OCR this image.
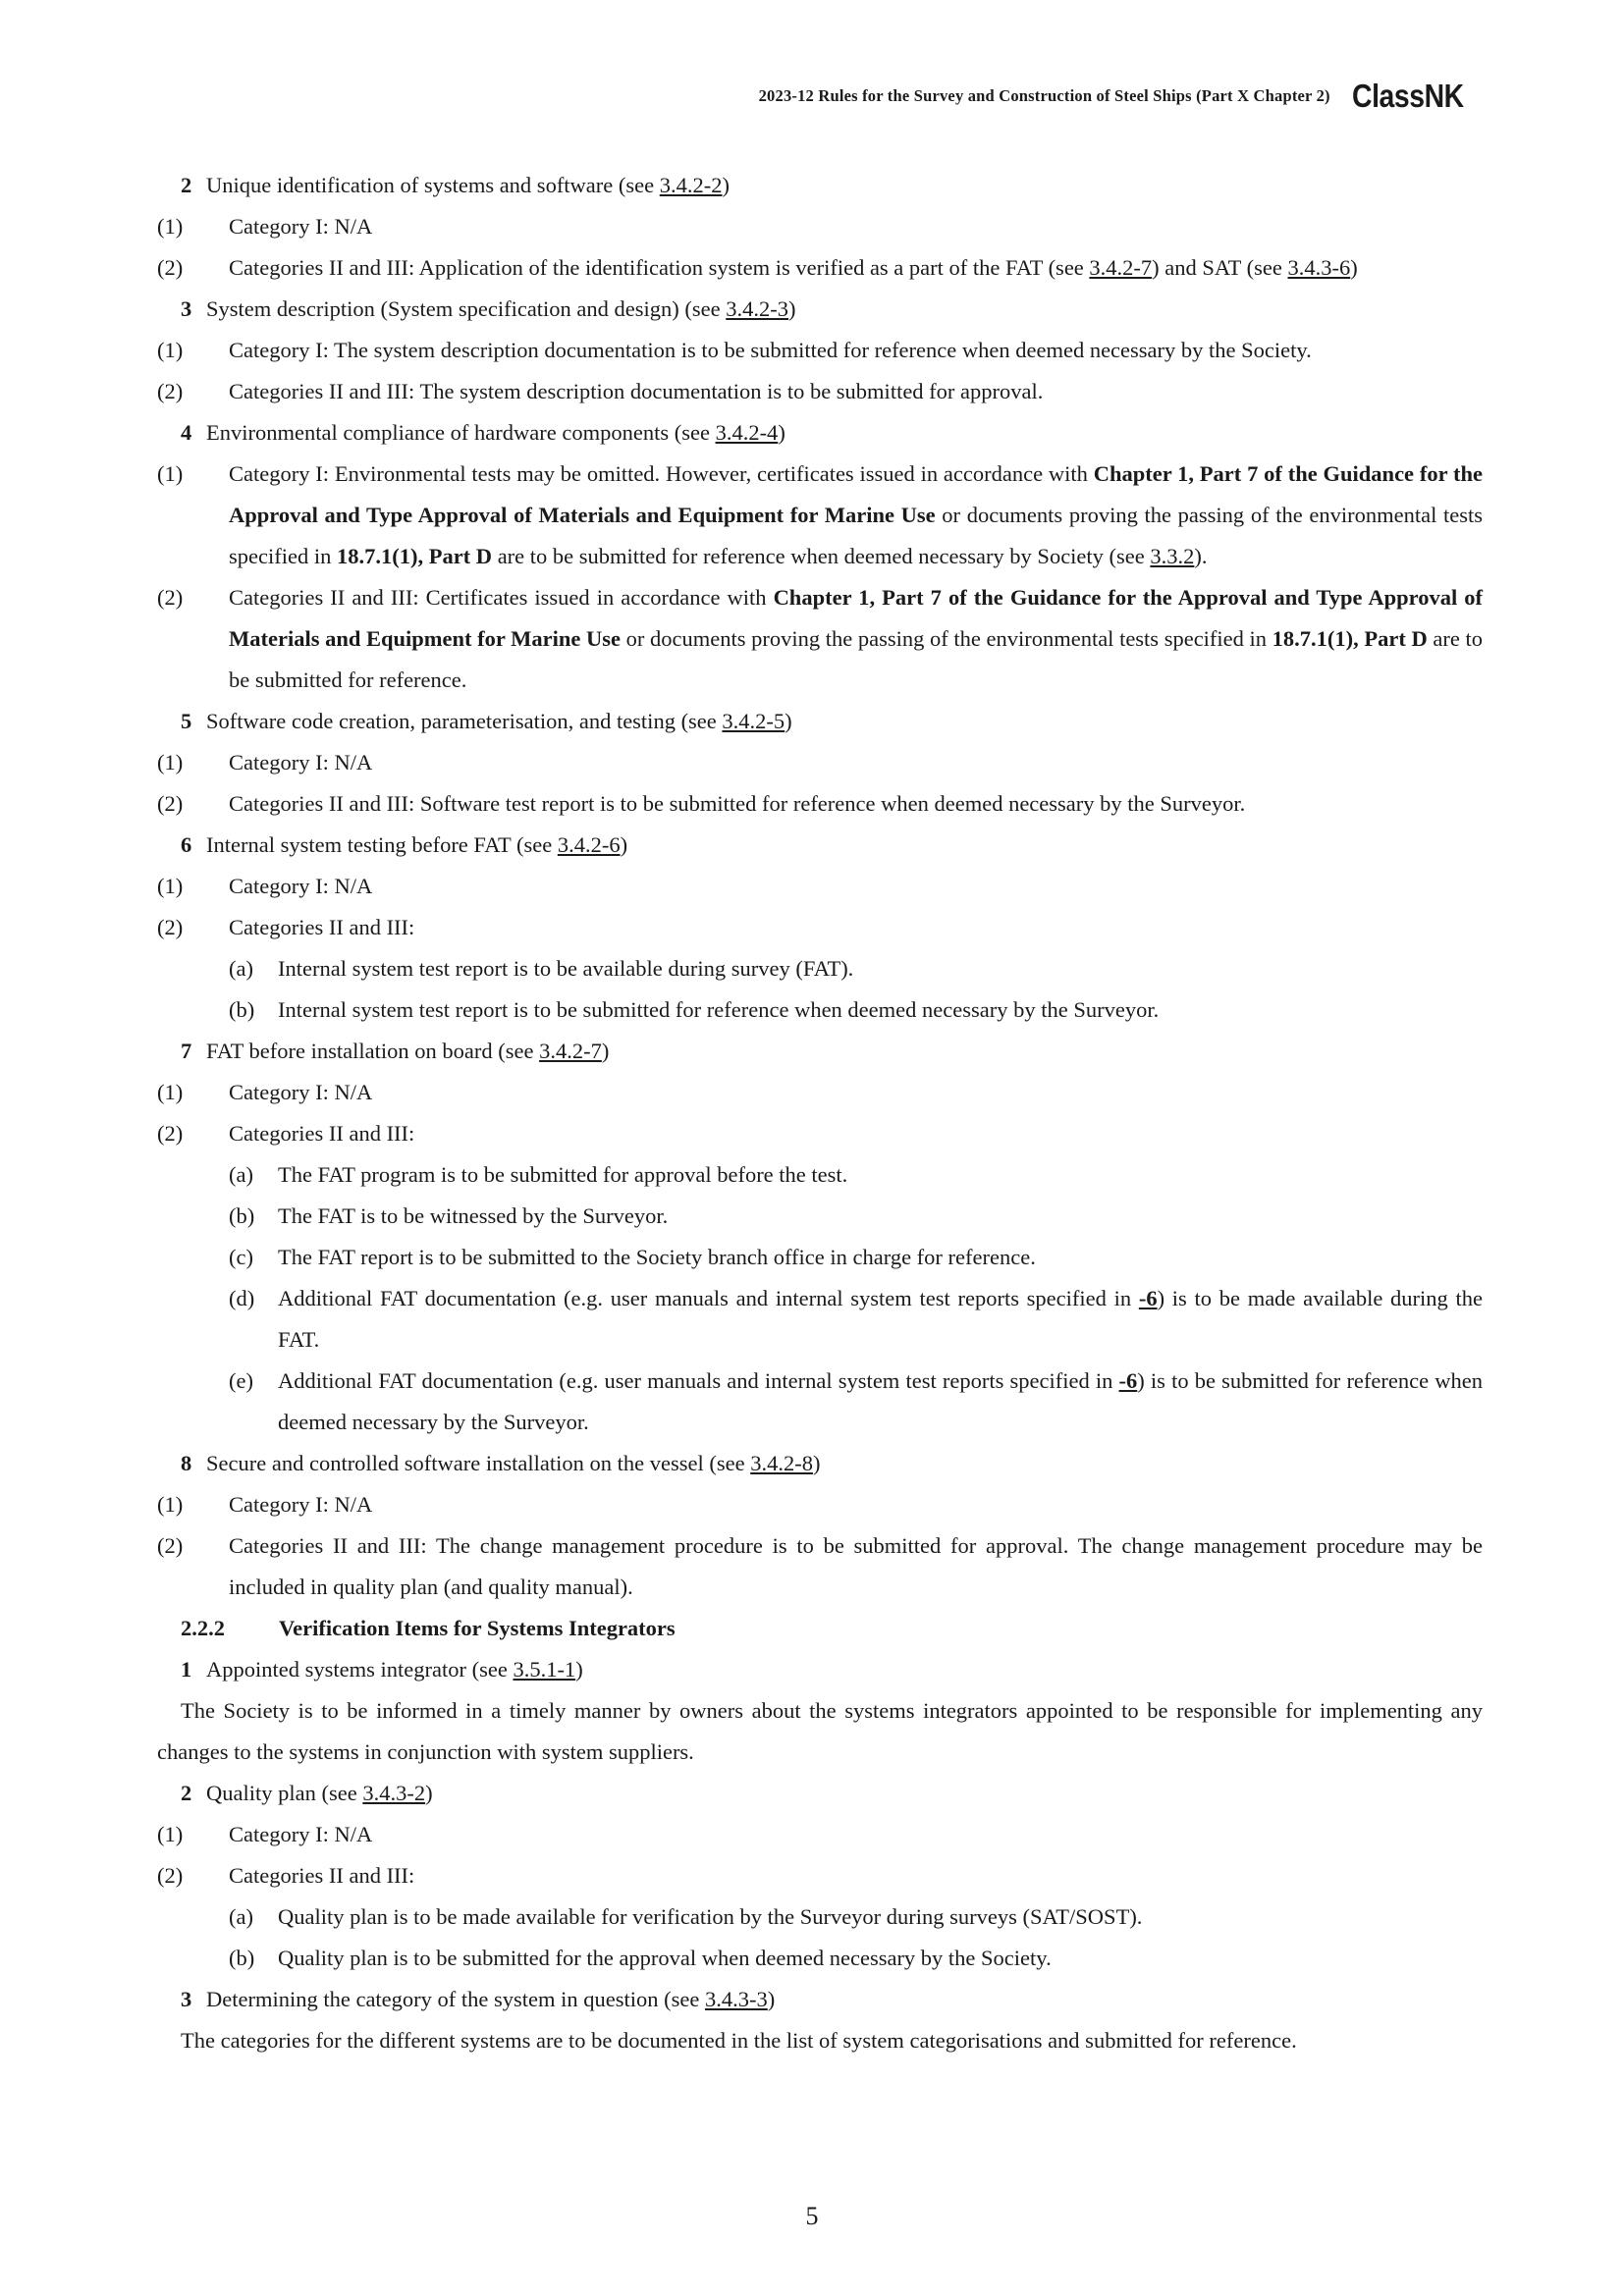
2023-12 Rules for the Survey and Construction of Steel Ships (Part X Chapter 2) ClassNK
2 Unique identification of systems and software (see 3.4.2-2)
(1)	Category I: N/A
(2)	Categories II and III: Application of the identification system is verified as a part of the FAT (see 3.4.2-7) and SAT (see 3.4.3-6)
3 System description (System specification and design) (see 3.4.2-3)
(1)	Category I: The system description documentation is to be submitted for reference when deemed necessary by the Society.
(2)	Categories II and III: The system description documentation is to be submitted for approval.
4 Environmental compliance of hardware components (see 3.4.2-4)
(1)	Category I: Environmental tests may be omitted. However, certificates issued in accordance with Chapter 1, Part 7 of the Guidance for the Approval and Type Approval of Materials and Equipment for Marine Use or documents proving the passing of the environmental tests specified in 18.7.1(1), Part D are to be submitted for reference when deemed necessary by Society (see 3.3.2).
(2)	Categories II and III: Certificates issued in accordance with Chapter 1, Part 7 of the Guidance for the Approval and Type Approval of Materials and Equipment for Marine Use or documents proving the passing of the environmental tests specified in 18.7.1(1), Part D are to be submitted for reference.
5 Software code creation, parameterisation, and testing (see 3.4.2-5)
(1)	Category I: N/A
(2)	Categories II and III: Software test report is to be submitted for reference when deemed necessary by the Surveyor.
6 Internal system testing before FAT (see 3.4.2-6)
(1)	Category I: N/A
(2)	Categories II and III:
(a)	Internal system test report is to be available during survey (FAT).
(b)	Internal system test report is to be submitted for reference when deemed necessary by the Surveyor.
7 FAT before installation on board (see 3.4.2-7)
(1)	Category I: N/A
(2)	Categories II and III:
(a)	The FAT program is to be submitted for approval before the test.
(b)	The FAT is to be witnessed by the Surveyor.
(c)	The FAT report is to be submitted to the Society branch office in charge for reference.
(d)	Additional FAT documentation (e.g. user manuals and internal system test reports specified in -6) is to be made available during the FAT.
(e)	Additional FAT documentation (e.g. user manuals and internal system test reports specified in -6) is to be submitted for reference when deemed necessary by the Surveyor.
8 Secure and controlled software installation on the vessel (see 3.4.2-8)
(1)	Category I: N/A
(2)	Categories II and III: The change management procedure is to be submitted for approval. The change management procedure may be included in quality plan (and quality manual).
2.2.2	Verification Items for Systems Integrators
1 Appointed systems integrator (see 3.5.1-1)
The Society is to be informed in a timely manner by owners about the systems integrators appointed to be responsible for implementing any changes to the systems in conjunction with system suppliers.
2 Quality plan (see 3.4.3-2)
(1)	Category I: N/A
(2)	Categories II and III:
(a)	Quality plan is to be made available for verification by the Surveyor during surveys (SAT/SOST).
(b)	Quality plan is to be submitted for the approval when deemed necessary by the Society.
3 Determining the category of the system in question (see 3.4.3-3)
The categories for the different systems are to be documented in the list of system categorisations and submitted for reference.
5
